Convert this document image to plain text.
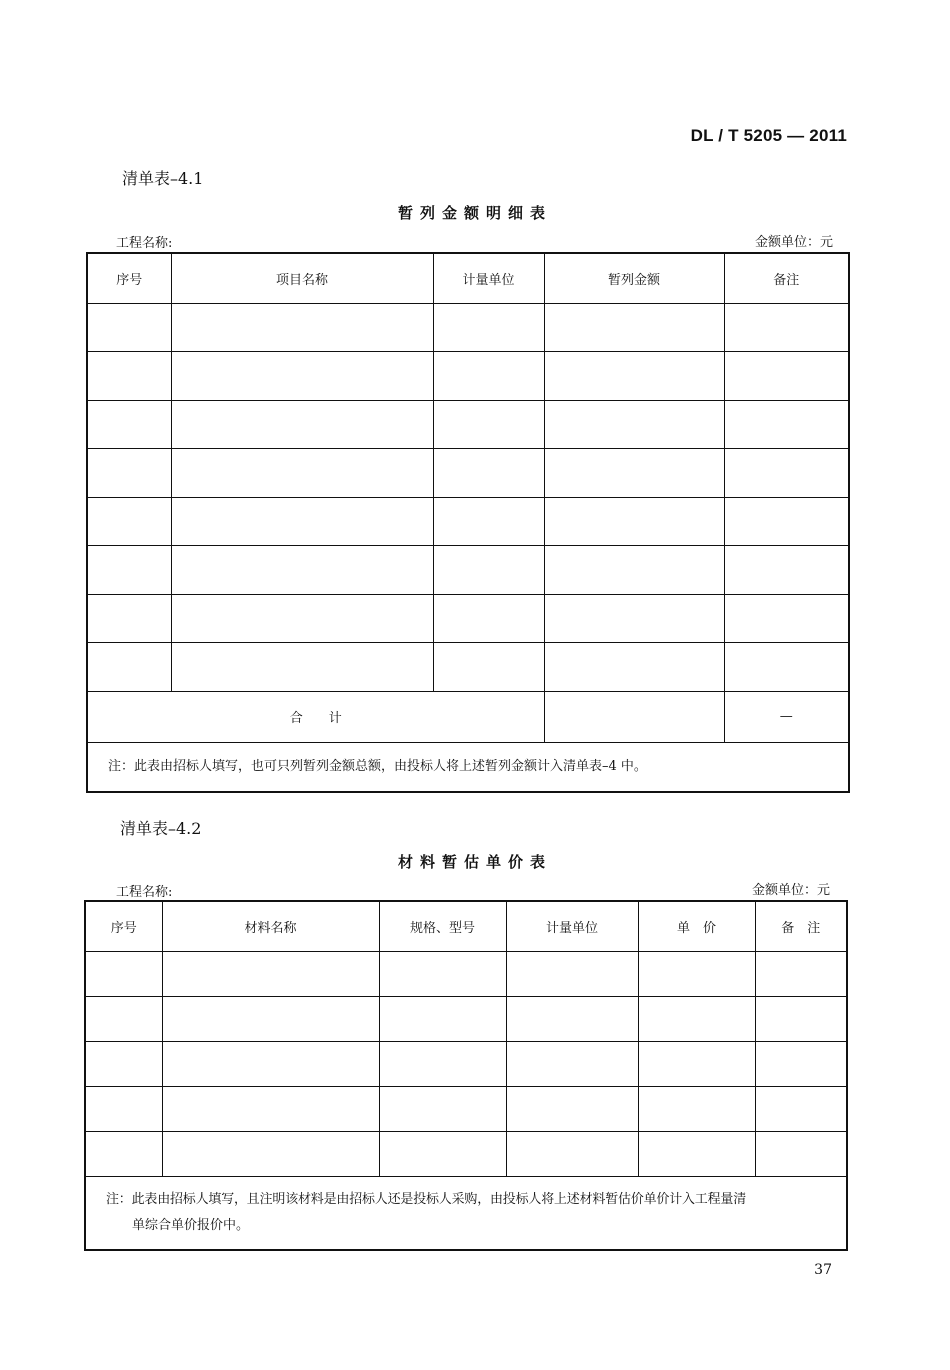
DL / T 5205 — 2011
清单表–4.1
暂列金额明细表
工程名称:	金额单位：元
序号	项目名称	计量单位	暂列金额	备注

合　　计				—
注：此表由招标人填写，也可只列暂列金额总额，由投标人将上述暂列金额计入清单表–4 中。				
清单表–4.2
材料暂估单价表
工程名称:	金额单位：元
序号	材料名称	规格、型号	计量单位	单　价	备　注

注：此表由招标人填写，且注明该材料是由招标人还是投标人采购，由投标人将上述材料暂估价单价计入工程量清
单综合单价报价中。					
37
